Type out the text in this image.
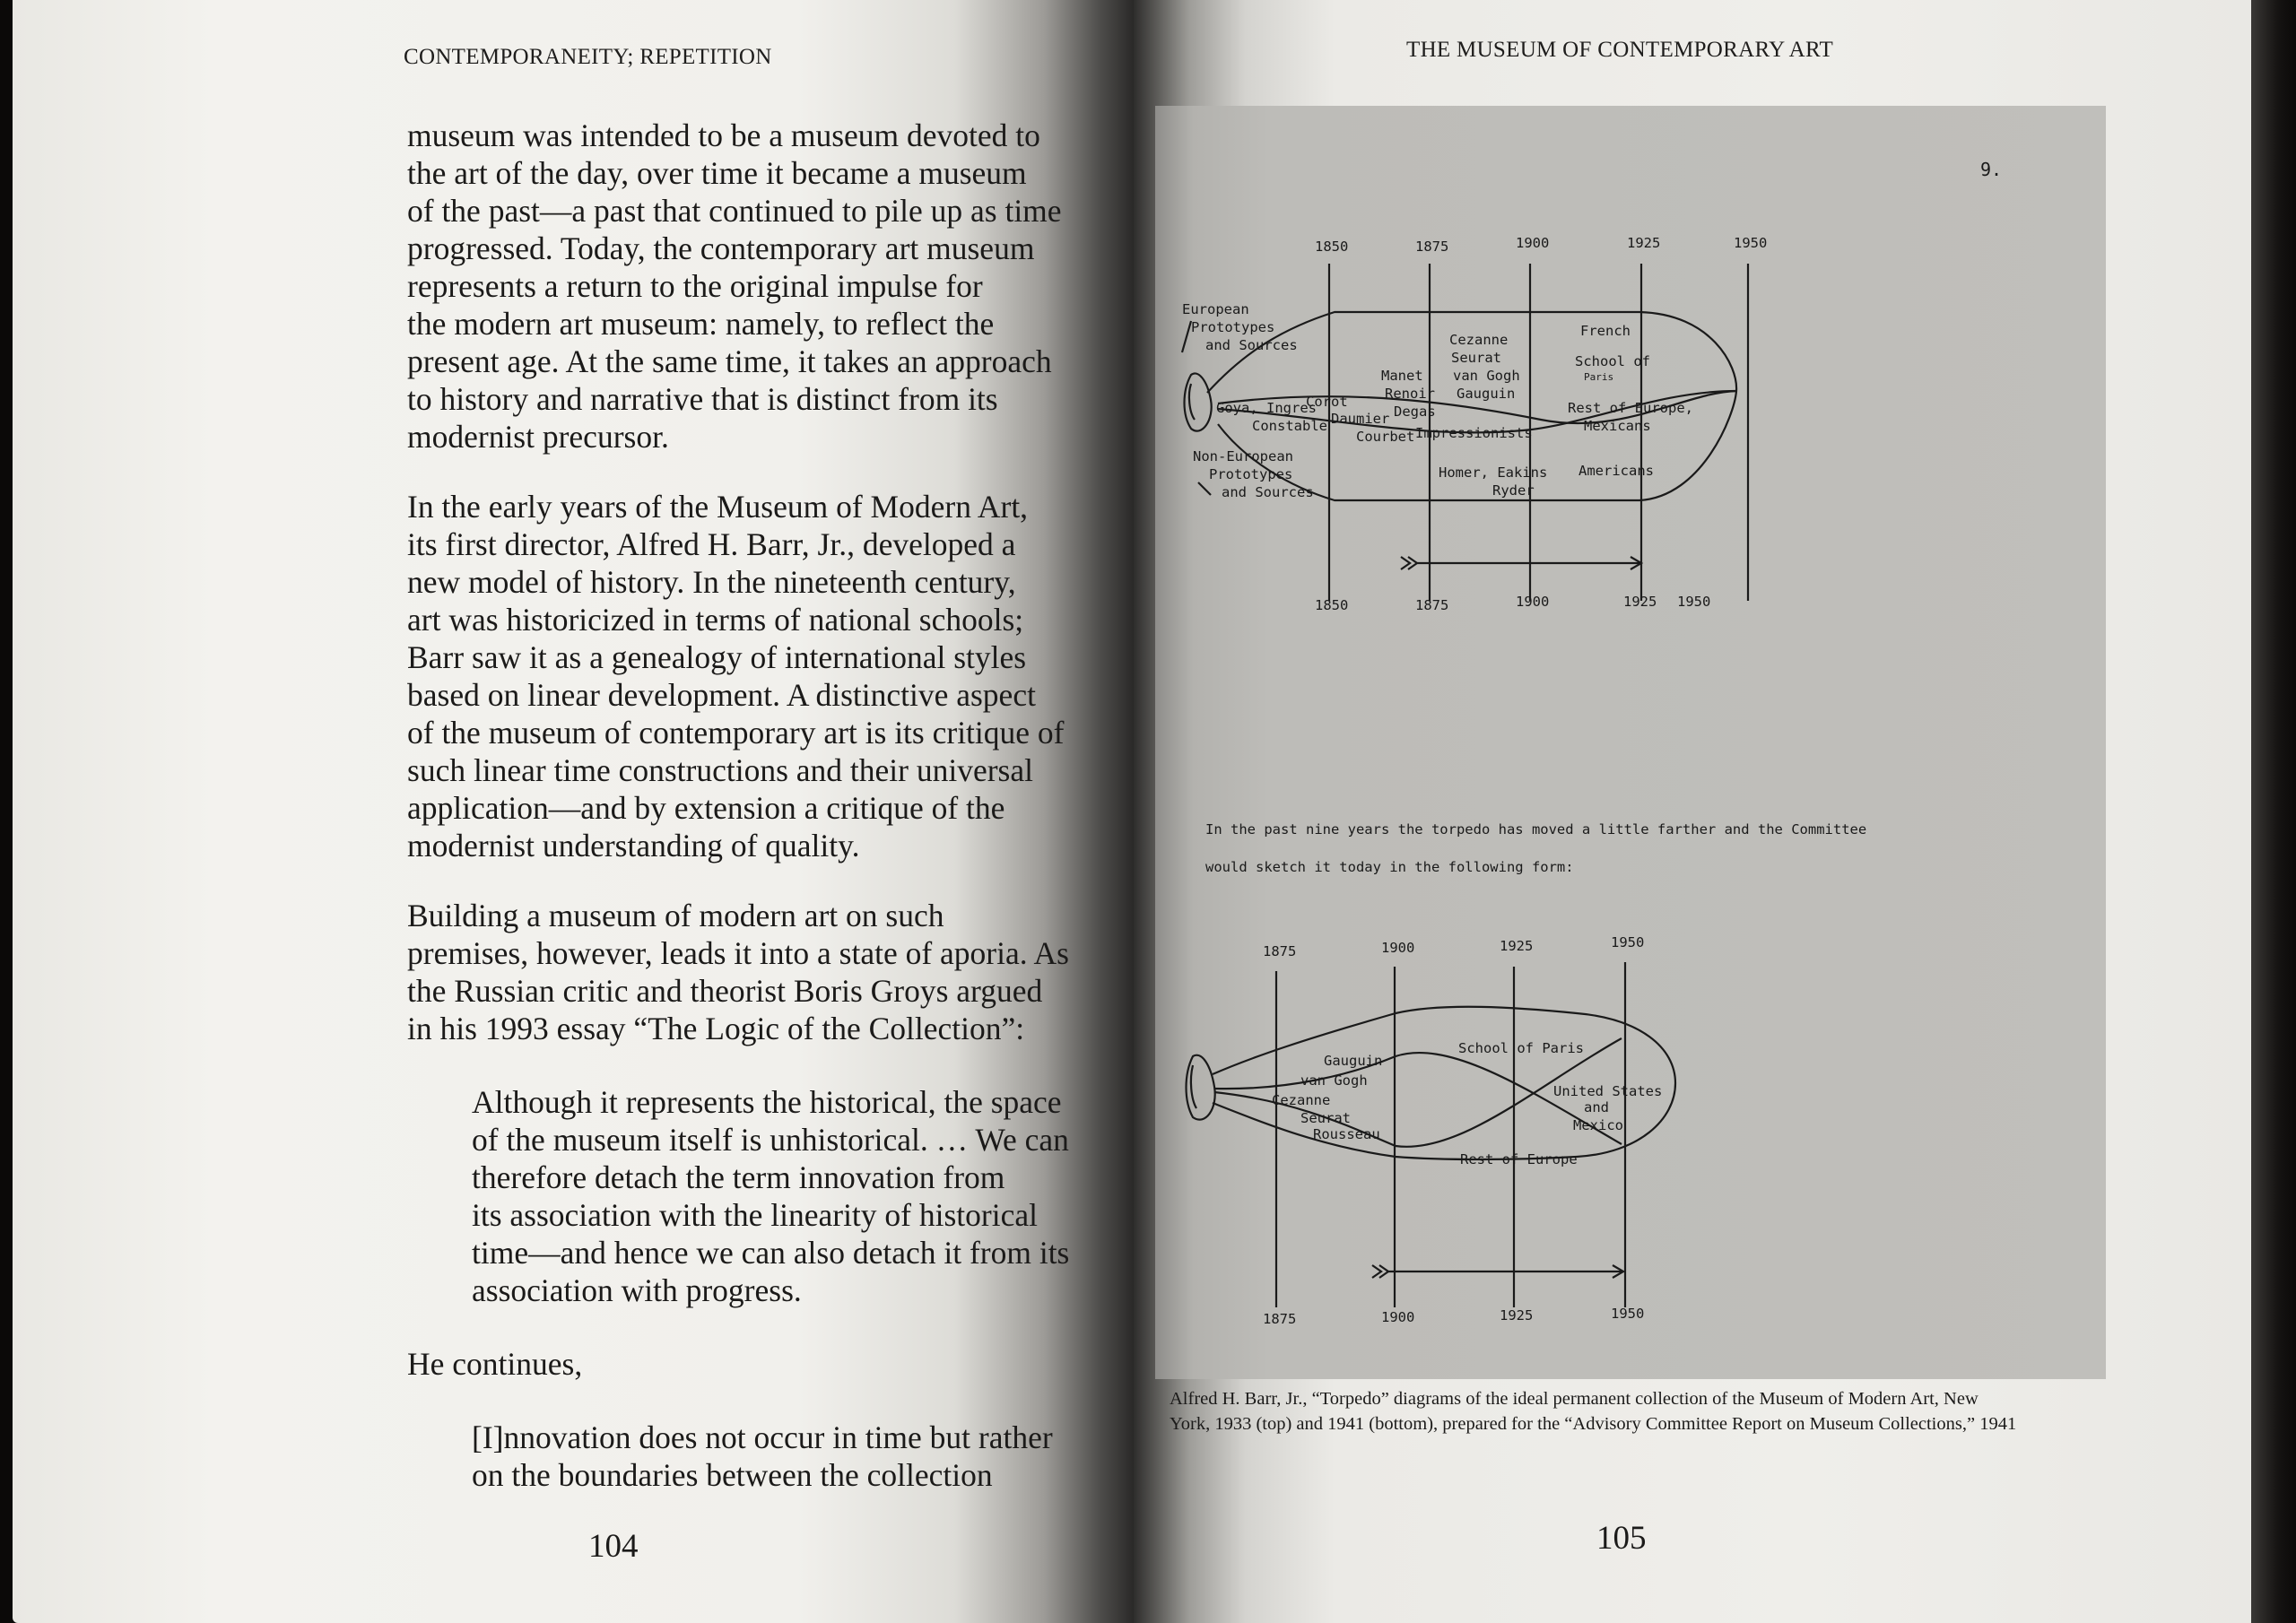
CONTEMPORANEITY; REPETITION

museum was intended to be a museum devoted to

the art of the day, over time it became a museum

of the past—a past that continued to pile up as time

progressed. Today, the contemporary art museum

represents a return to the original impulse for

the modern art museum: namely, to reflect the

present age. At the same time, it takes an approach

to history and narrative that is distinct from its

modernist precursor.

In the early years of the Museum of Modern Art,

its first director, Alfred H. Barr, Jr., developed a

new model of history. In the nineteenth century,

art was historicized in terms of national schools;

Barr saw it as a genealogy of international styles

based on linear development. A distinctive aspect

of the museum of contemporary art is its critique of

such linear time constructions and their universal

application—and by extension a critique of the

modernist understanding of quality.

Building a museum of modern art on such

premises, however, leads it into a state of aporia. As

the Russian critic and theorist Boris Groys argued

in his 1993 essay “The Logic of the Collection”:

Although it represents the historical, the space

of the museum itself is unhistorical. … We can

therefore detach the term innovation from

its association with the linearity of historical

time—and hence we can also detach it from its

association with progress.

He continues,

[I]nnovation does not occur in time but rather

on the boundaries between the collection

104
THE MUSEUM OF CONTEMPORARY ART
9.
1850	1875	1900	1925	1950
European
Prototypes
and Sources
Goya, Ingres
Constable
Corot
Daumier
Courbet
Manet
Renoir
Degas
Impressionists
Cezanne
Seurat
van Gogh
Gauguin
Homer, Eakins
Ryder
French
School of
Paris
Rest of Europe,
Mexicans
Americans
Non-European
Prototypes
and Sources
1850	1875	1900	1925 1950
In the past nine years the torpedo has moved a little farther and the Committee
would sketch it today in the following form:
1875	1900	1925	1950
Gauguin
van Gogh
Cezanne
Seurat
Rousseau
School of Paris
Rest of Europe
United States
and
Mexico
1875	1900	1925	1950

Alfred H. Barr, Jr., “Torpedo” diagrams of the ideal permanent collection of the Museum of Modern Art, New

York, 1933 (top) and 1941 (bottom), prepared for the “Advisory Committee Report on Museum Collections,” 1941

105
